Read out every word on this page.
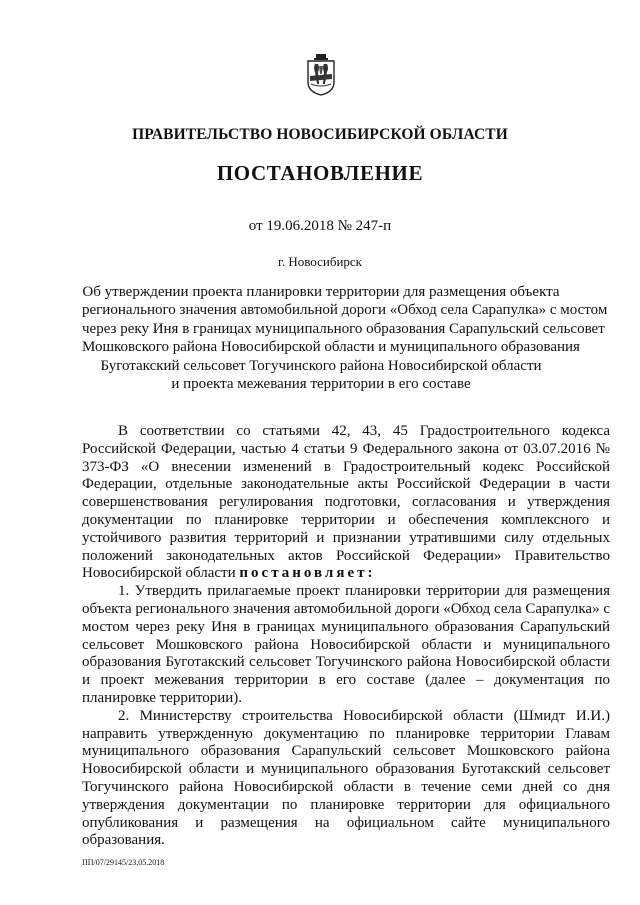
ПРАВИТЕЛЬСТВО НОВОСИБИРСКОЙ ОБЛАСТИ
ПОСТАНОВЛЕНИЕ
от 19.06.2018 № 247-п
г. Новосибирск
Об утверждении проекта планировки территории для размещения объекта
регионального значения автомобильной дороги «Обход села Сарапулка» с мостом
через реку Иня в границах муниципального образования Сарапульский сельсовет
Мошковского района Новосибирской области и муниципального образования
Буготакский сельсовет Тогучинского района Новосибирской области
и проекта межевания территории в его составе

В соответствии со статьями 42, 43, 45 Градостроительного кодекса Российской Федерации, частью 4 статьи 9 Федерального закона от 03.07.2016 № 373-ФЗ «О внесении изменений в Градостроительный кодекс Российской Федерации, отдельные законодательные акты Российской Федерации в части совершенствования регулирования подготовки, согласования и утверждения документации по планировке территории и обеспечения комплексного и устойчивого развития территорий и признании утратившими силу отдельных положений законодательных актов Российской Федерации» Правительство Новосибирской области постановляет:

1. Утвердить прилагаемые проект планировки территории для размещения объекта регионального значения автомобильной дороги «Обход села Сарапулка» с мостом через реку Иня в границах муниципального образования Сарапульский сельсовет Мошковского района Новосибирской области и муниципального образования Буготакский сельсовет Тогучинского района Новосибирской области и проект межевания территории в его составе (далее – документация по планировке территории).

2. Министерству строительства Новосибирской области (Шмидт И.И.) направить утвержденную документацию по планировке территории Главам муниципального образования Сарапульский сельсовет Мошковского района Новосибирской области и муниципального образования Буготакский сельсовет Тогучинского района Новосибирской области в течение семи дней со дня утверждения документации по планировке территории для официального опубликования и размещения на официальном сайте муниципального образования.

ПП/07/29145/23.05.2018
